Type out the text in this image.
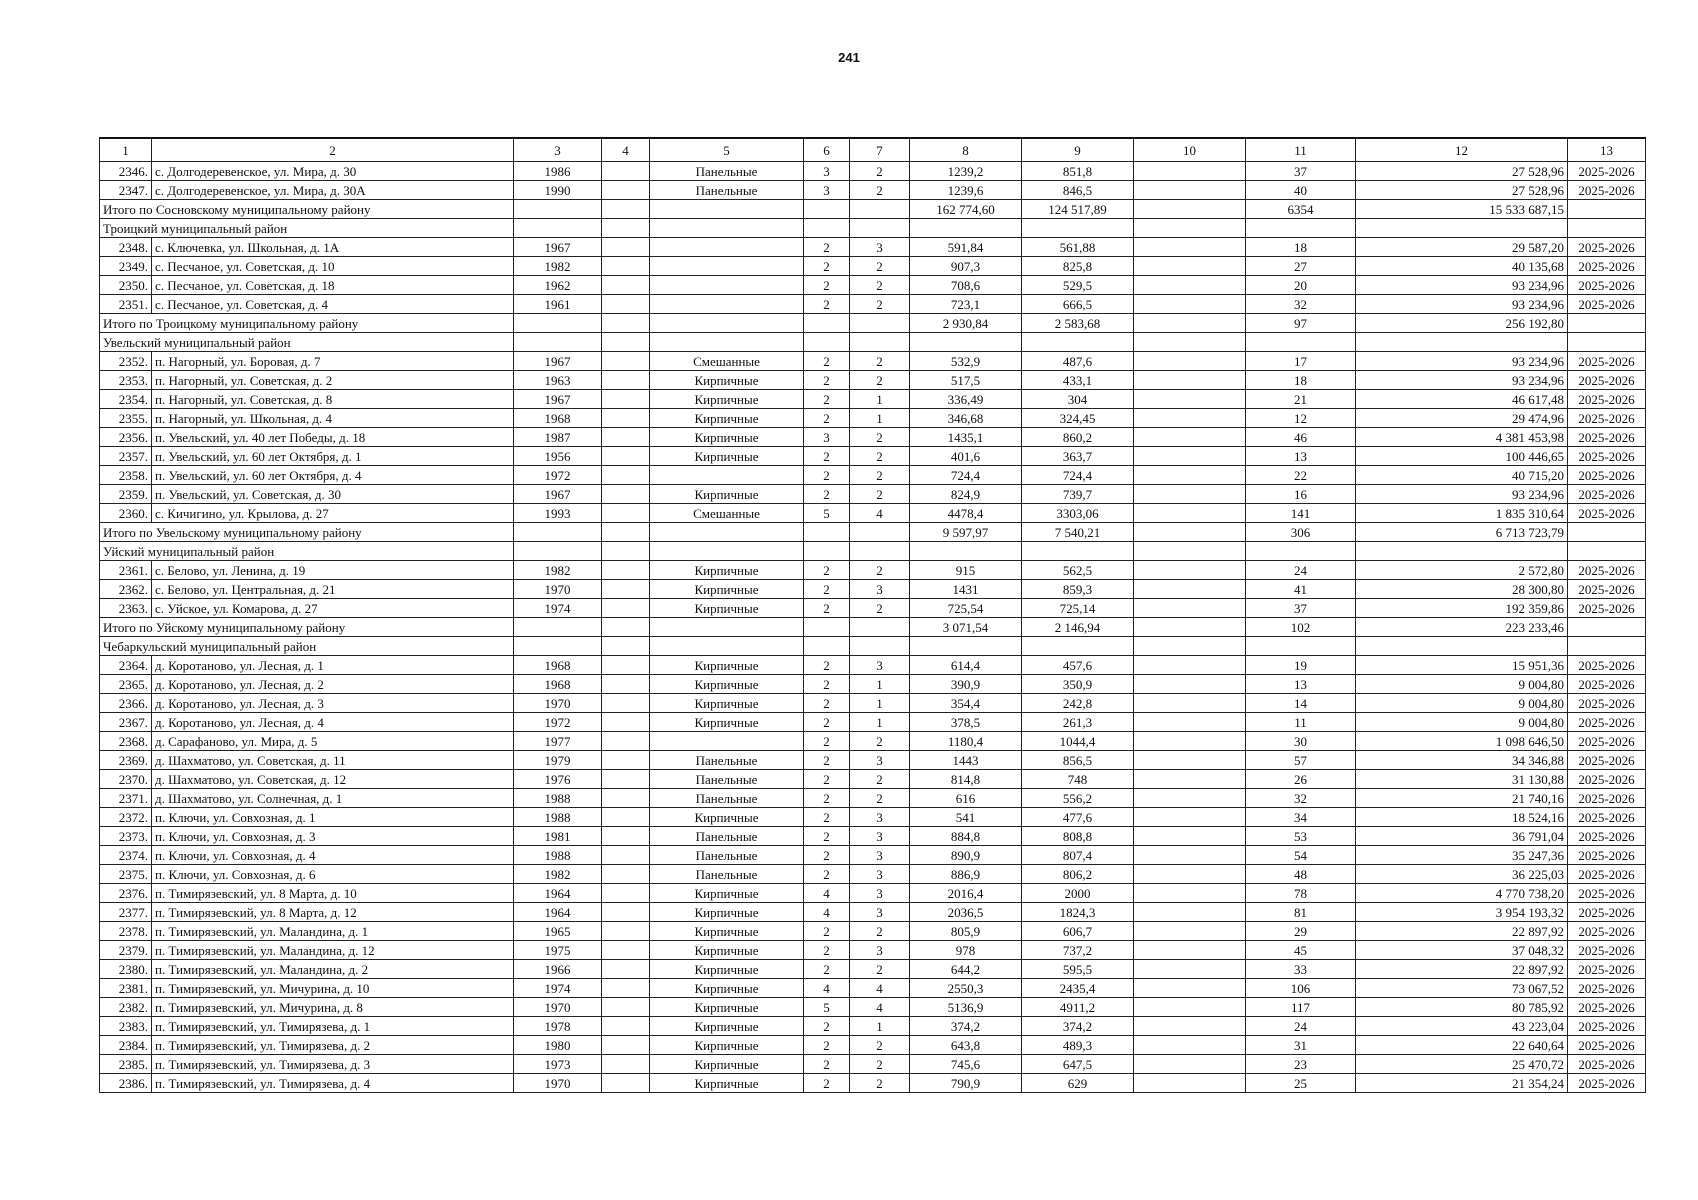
241
1	2	3	4	5	6	7	8	9	10	11	12	13
2346.	с. Долгодеревенское, ул. Мира, д. 30	1986		Панельные	3	2	1239,2	851,8		37	27 528,96	2025-2026
2347.	с. Долгодеревенское, ул. Мира, д. 30А	1990		Панельные	3	2	1239,6	846,5		40	27 528,96	2025-2026
Итого по Сосновскому муниципальному району							162 774,60	124 517,89		6354	15 533 687,15	
Троицкий муниципальный район												
2348.	с. Ключевка, ул. Школьная, д. 1А	1967			2	3	591,84	561,88		18	29 587,20	2025-2026
2349.	с. Песчаное, ул. Советская, д. 10	1982			2	2	907,3	825,8		27	40 135,68	2025-2026
2350.	с. Песчаное, ул. Советская, д. 18	1962			2	2	708,6	529,5		20	93 234,96	2025-2026
2351.	с. Песчаное, ул. Советская, д. 4	1961			2	2	723,1	666,5		32	93 234,96	2025-2026
Итого по Троицкому муниципальному району							2 930,84	2 583,68		97	256 192,80	
Увельский муниципальный район												
2352.	п. Нагорный, ул. Боровая, д. 7	1967		Смешанные	2	2	532,9	487,6		17	93 234,96	2025-2026
2353.	п. Нагорный, ул. Советская, д. 2	1963		Кирпичные	2	2	517,5	433,1		18	93 234,96	2025-2026
2354.	п. Нагорный, ул. Советская, д. 8	1967		Кирпичные	2	1	336,49	304		21	46 617,48	2025-2026
2355.	п. Нагорный, ул. Школьная, д. 4	1968		Кирпичные	2	1	346,68	324,45		12	29 474,96	2025-2026
2356.	п. Увельский, ул. 40 лет Победы, д. 18	1987		Кирпичные	3	2	1435,1	860,2		46	4 381 453,98	2025-2026
2357.	п. Увельский, ул. 60 лет Октября, д. 1	1956		Кирпичные	2	2	401,6	363,7		13	100 446,65	2025-2026
2358.	п. Увельский, ул. 60 лет Октября, д. 4	1972			2	2	724,4	724,4		22	40 715,20	2025-2026
2359.	п. Увельский, ул. Советская, д. 30	1967		Кирпичные	2	2	824,9	739,7		16	93 234,96	2025-2026
2360.	с. Кичигино, ул. Крылова, д. 27	1993		Смешанные	5	4	4478,4	3303,06		141	1 835 310,64	2025-2026
Итого по Увельскому муниципальному району							9 597,97	7 540,21		306	6 713 723,79	
Уйский муниципальный район												
2361.	с. Белово, ул. Ленина, д. 19	1982		Кирпичные	2	2	915	562,5		24	2 572,80	2025-2026
2362.	с. Белово, ул. Центральная, д. 21	1970		Кирпичные	2	3	1431	859,3		41	28 300,80	2025-2026
2363.	с. Уйское, ул. Комарова, д. 27	1974		Кирпичные	2	2	725,54	725,14		37	192 359,86	2025-2026
Итого по Уйскому муниципальному району							3 071,54	2 146,94		102	223 233,46	
Чебаркульский муниципальный район												
2364.	д. Коротаново, ул. Лесная, д. 1	1968		Кирпичные	2	3	614,4	457,6		19	15 951,36	2025-2026
2365.	д. Коротаново, ул. Лесная, д. 2	1968		Кирпичные	2	1	390,9	350,9		13	9 004,80	2025-2026
2366.	д. Коротаново, ул. Лесная, д. 3	1970		Кирпичные	2	1	354,4	242,8		14	9 004,80	2025-2026
2367.	д. Коротаново, ул. Лесная, д. 4	1972		Кирпичные	2	1	378,5	261,3		11	9 004,80	2025-2026
2368.	д. Сарафаново, ул. Мира, д. 5	1977			2	2	1180,4	1044,4		30	1 098 646,50	2025-2026
2369.	д. Шахматово, ул. Советская, д. 11	1979		Панельные	2	3	1443	856,5		57	34 346,88	2025-2026
2370.	д. Шахматово, ул. Советская, д. 12	1976		Панельные	2	2	814,8	748		26	31 130,88	2025-2026
2371.	д. Шахматово, ул. Солнечная, д. 1	1988		Панельные	2	2	616	556,2		32	21 740,16	2025-2026
2372.	п. Ключи, ул. Совхозная, д. 1	1988		Кирпичные	2	3	541	477,6		34	18 524,16	2025-2026
2373.	п. Ключи, ул. Совхозная, д. 3	1981		Панельные	2	3	884,8	808,8		53	36 791,04	2025-2026
2374.	п. Ключи, ул. Совхозная, д. 4	1988		Панельные	2	3	890,9	807,4		54	35 247,36	2025-2026
2375.	п. Ключи, ул. Совхозная, д. 6	1982		Панельные	2	3	886,9	806,2		48	36 225,03	2025-2026
2376.	п. Тимирязевский, ул. 8 Марта, д. 10	1964		Кирпичные	4	3	2016,4	2000		78	4 770 738,20	2025-2026
2377.	п. Тимирязевский, ул. 8 Марта, д. 12	1964		Кирпичные	4	3	2036,5	1824,3		81	3 954 193,32	2025-2026
2378.	п. Тимирязевский, ул. Маландина, д. 1	1965		Кирпичные	2	2	805,9	606,7		29	22 897,92	2025-2026
2379.	п. Тимирязевский, ул. Маландина, д. 12	1975		Кирпичные	2	3	978	737,2		45	37 048,32	2025-2026
2380.	п. Тимирязевский, ул. Маландина, д. 2	1966		Кирпичные	2	2	644,2	595,5		33	22 897,92	2025-2026
2381.	п. Тимирязевский, ул. Мичурина, д. 10	1974		Кирпичные	4	4	2550,3	2435,4		106	73 067,52	2025-2026
2382.	п. Тимирязевский, ул. Мичурина, д. 8	1970		Кирпичные	5	4	5136,9	4911,2		117	80 785,92	2025-2026
2383.	п. Тимирязевский, ул. Тимирязева, д. 1	1978		Кирпичные	2	1	374,2	374,2		24	43 223,04	2025-2026
2384.	п. Тимирязевский, ул. Тимирязева, д. 2	1980		Кирпичные	2	2	643,8	489,3		31	22 640,64	2025-2026
2385.	п. Тимирязевский, ул. Тимирязева, д. 3	1973		Кирпичные	2	2	745,6	647,5		23	25 470,72	2025-2026
2386.	п. Тимирязевский, ул. Тимирязева, д. 4	1970		Кирпичные	2	2	790,9	629		25	21 354,24	2025-2026
